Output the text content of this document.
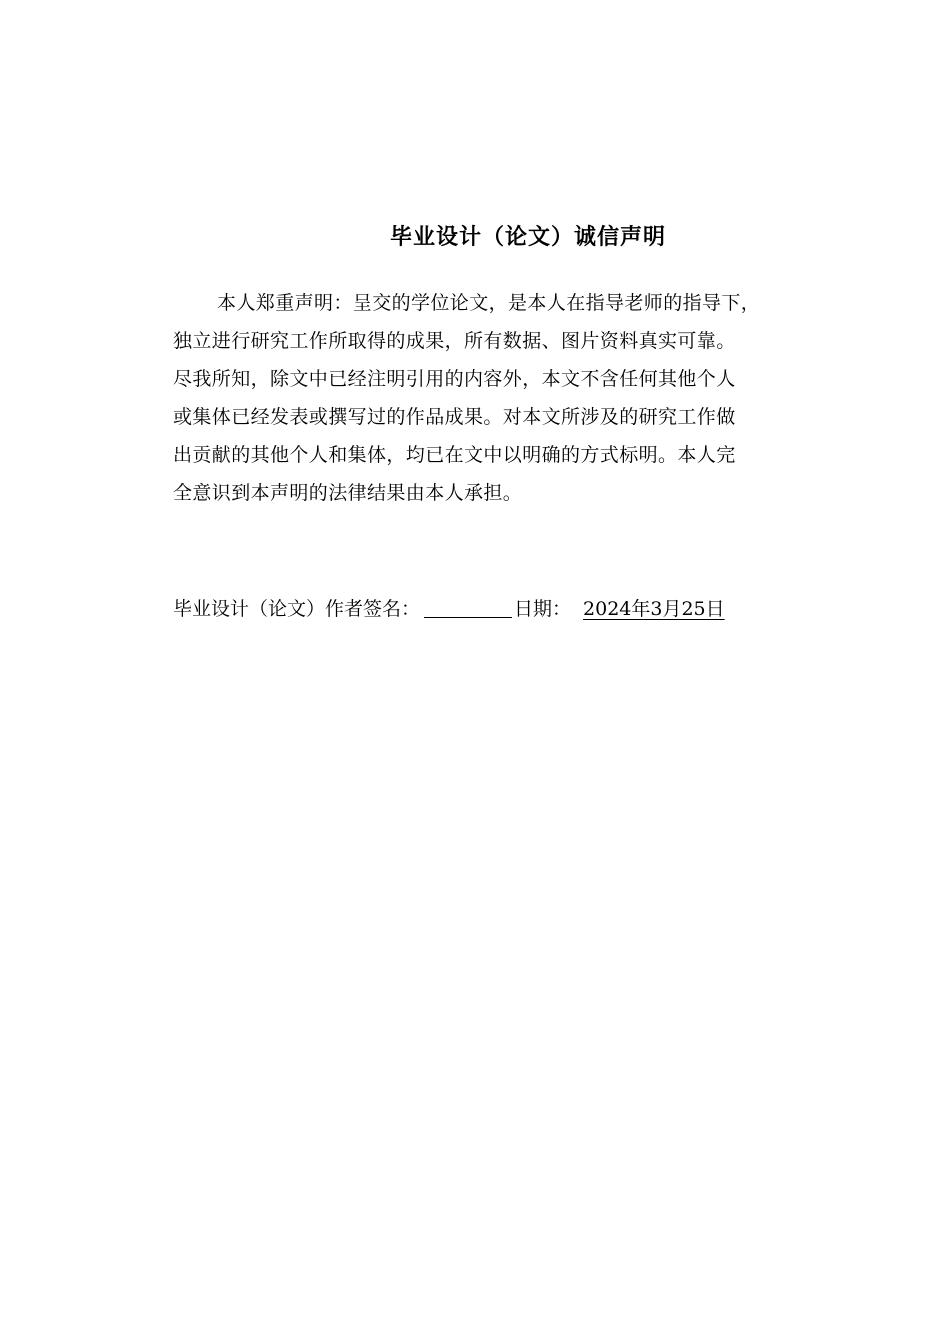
毕业设计（论文）诚信声明
本人郑重声明：呈交的学位论文，是本人在指导老师的指导下，
独立进行研究工作所取得的成果，所有数据、图片资料真实可靠。
尽我所知，除文中已经注明引用的内容外，本文不含任何其他个人
或集体已经发表或撰写过的作品成果。对本文所涉及的研究工作做
出贡献的其他个人和集体，均已在文中以明确的方式标明。本人完
全意识到本声明的法律结果由本人承担。
毕业设计（论文）作者签名：	日期： 2024年3月25日
